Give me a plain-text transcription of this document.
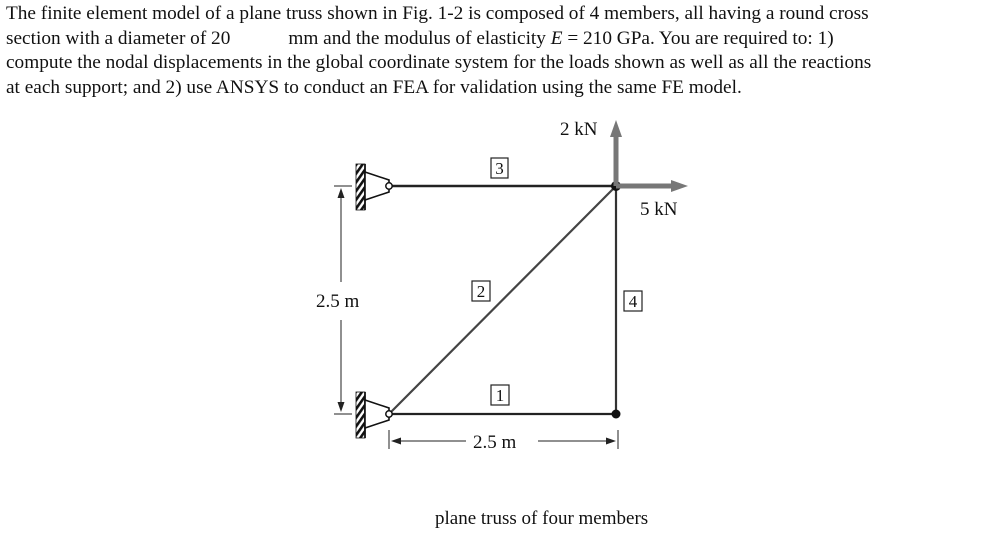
The finite element model of a plane truss shown in Fig. 1-2 is composed of 4 members, all having a round cross
section with a diameter of 20	mm and the modulus of elasticity E = 210 GPa. You are required to: 1)
compute the nodal displacements in the global coordinate system for the loads shown as well as all the reactions
at each support; and 2) use ANSYS to conduct an FEA for validation using the same FE model.

2 kN
5 kN
3
2
4
1
2.5 m
2.5 m
plane truss of four members
